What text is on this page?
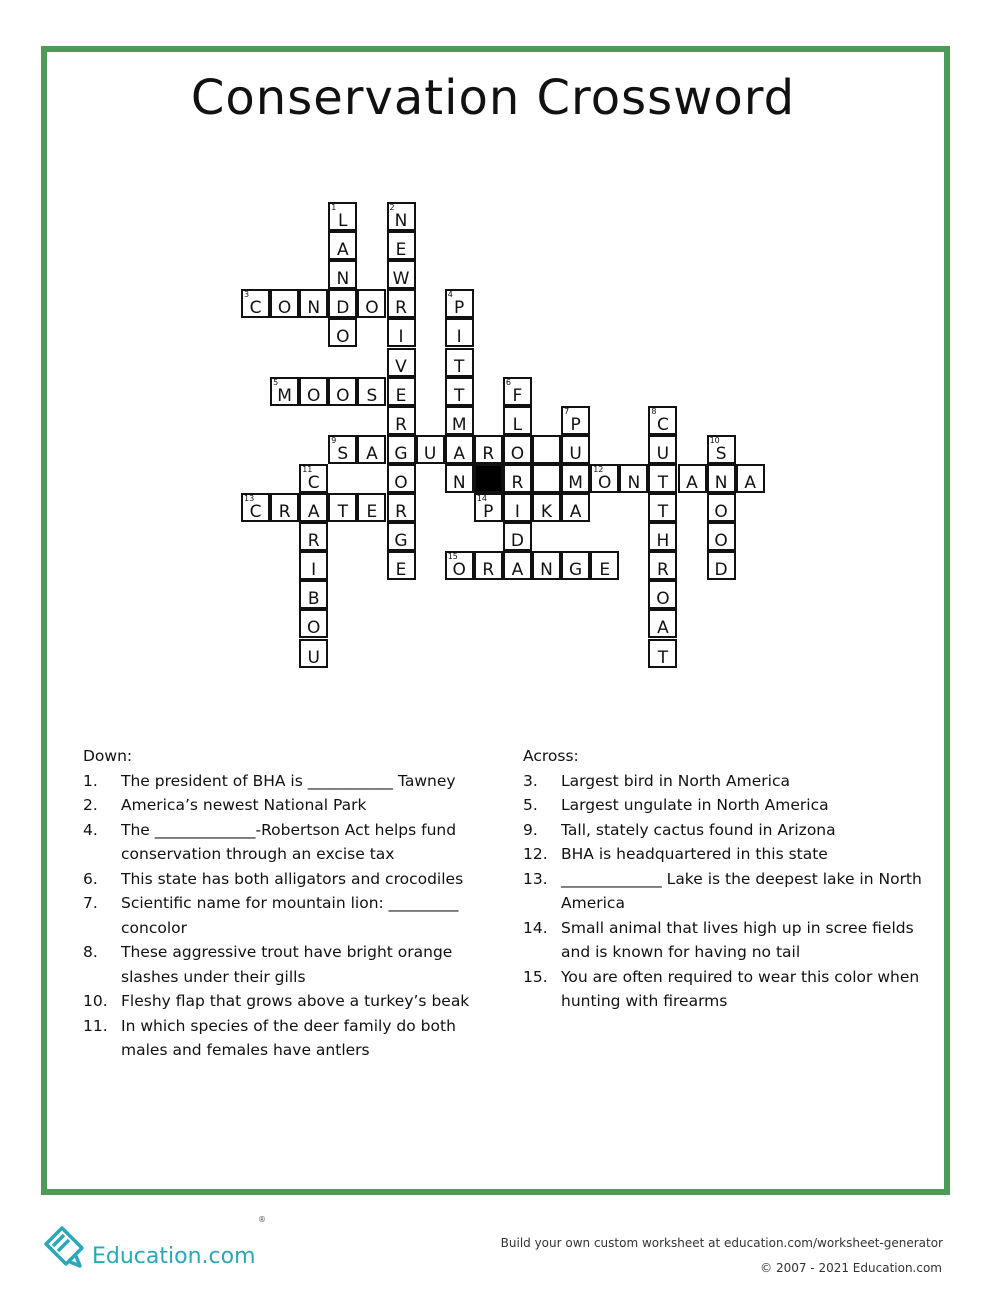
Conservation Crossword
1
L
A
N
D
O
2
N
E
W
R
I
V
E
R
G
O
R
G
E
3
C O N	O
4
P
I
T
T
M
A
N
5
M O O	S
6
F
L
O
R
I
D
A
7
P
U
M
A
8
C
U
T
T
H
R
O
A
T
9
S	A	U	R
10
S
N
O
O
D
11
C
A
R
I
B
O
U
12
O N	A	A
13
C	R	T	E
14
P	K
15
O R	N G	E
Down:
1.	The president of BHA is ___________ Tawney
2.	America’s newest National Park
4.	The _____________-Robertson Act helps fund conservation through an excise tax
6.	This state has both alligators and crocodiles
7.	Scientific name for mountain lion: _________ concolor
8.	These aggressive trout have bright orange slashes under their gills
10. Fleshy flap that grows above a turkey’s beak
11. In which species of the deer family do both males and females have antlers
Across:
3.	Largest bird in North America
5.	Largest ungulate in North America
9.	Tall, stately cactus found in Arizona
12. BHA is headquartered in this state
13. _____________ Lake is the deepest lake in North America
14. Small animal that lives high up in scree fields and is known for having no tail
15. You are often required to wear this color when hunting with firearms
Education.com
®
Build your own custom worksheet at education.com/worksheet-generator
© 2007 - 2021 Education.com
